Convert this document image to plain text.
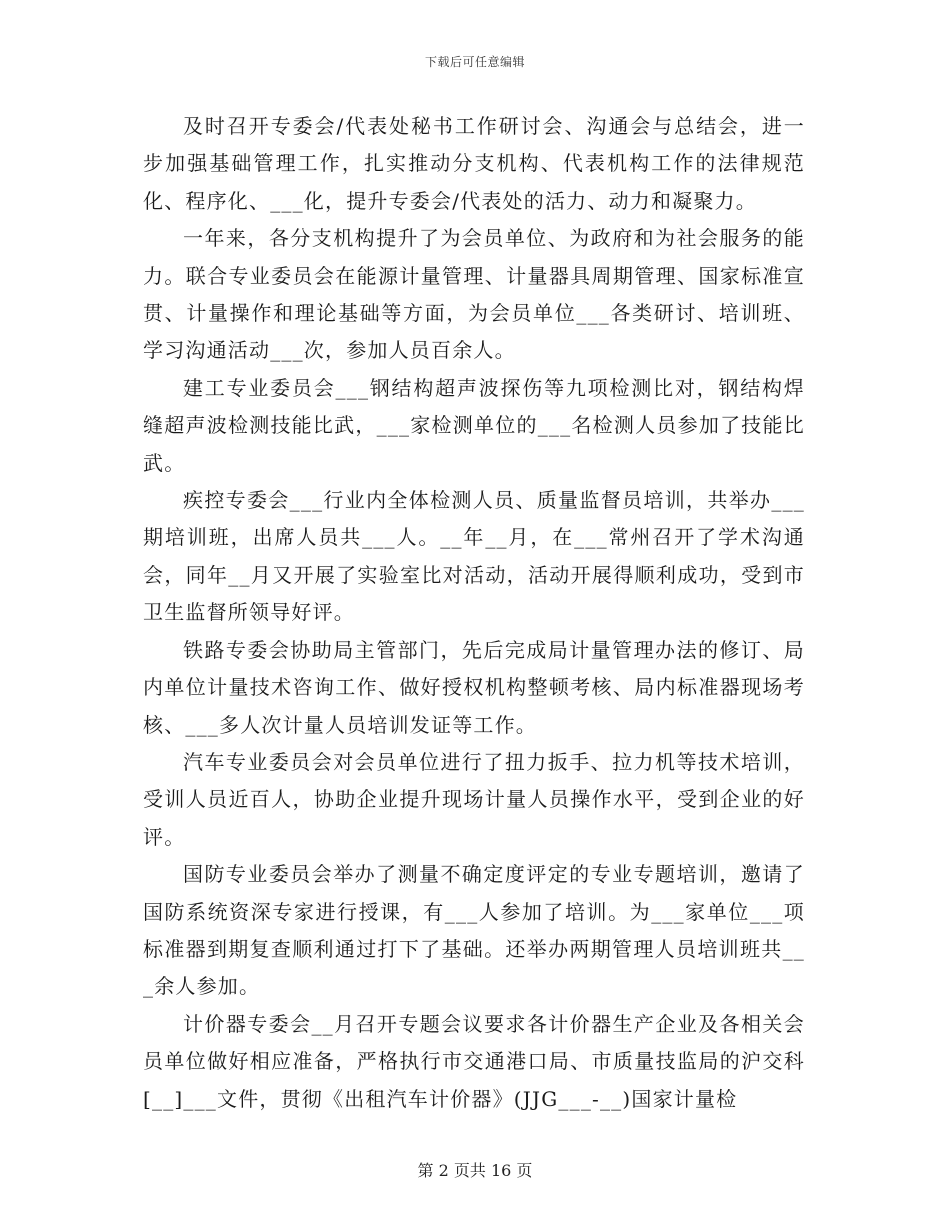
下载后可任意编辑

及时召开专委会/代表处秘书工作研讨会、沟通会与总结会，进一步加强基础管理工作，扎实推动分支机构、代表机构工作的法律规范化、程序化、___化，提升专委会/代表处的活力、动力和凝聚力。

一年来，各分支机构提升了为会员单位、为政府和为社会服务的能力。联合专业委员会在能源计量管理、计量器具周期管理、国家标准宣贯、计量操作和理论基础等方面，为会员单位___各类研讨、培训班、学习沟通活动___次，参加人员百余人。

建工专业委员会___钢结构超声波探伤等九项检测比对，钢结构焊缝超声波检测技能比武，___家检测单位的___名检测人员参加了技能比武。

疾控专委会___行业内全体检测人员、质量监督员培训，共举办___期培训班，出席人员共___人。__年__月，在___常州召开了学术沟通会，同年__月又开展了实验室比对活动，活动开展得顺利成功，受到市卫生监督所领导好评。

铁路专委会协助局主管部门，先后完成局计量管理办法的修订、局内单位计量技术咨询工作、做好授权机构整顿考核、局内标准器现场考核、___多人次计量人员培训发证等工作。

汽车专业委员会对会员单位进行了扭力扳手、拉力机等技术培训，受训人员近百人，协助企业提升现场计量人员操作水平，受到企业的好评。

国防专业委员会举办了测量不确定度评定的专业专题培训，邀请了国防系统资深专家进行授课，有___人参加了培训。为___家单位___项标准器到期复查顺利通过打下了基础。还举办两期管理人员培训班共___余人参加。

计价器专委会__月召开专题会议要求各计价器生产企业及各相关会员单位做好相应准备，严格执行市交通港口局、市质量技监局的沪交科[__]___文件，贯彻《出租汽车计价器》(JJG___-__)国家计量检

第 2 页共 16 页
